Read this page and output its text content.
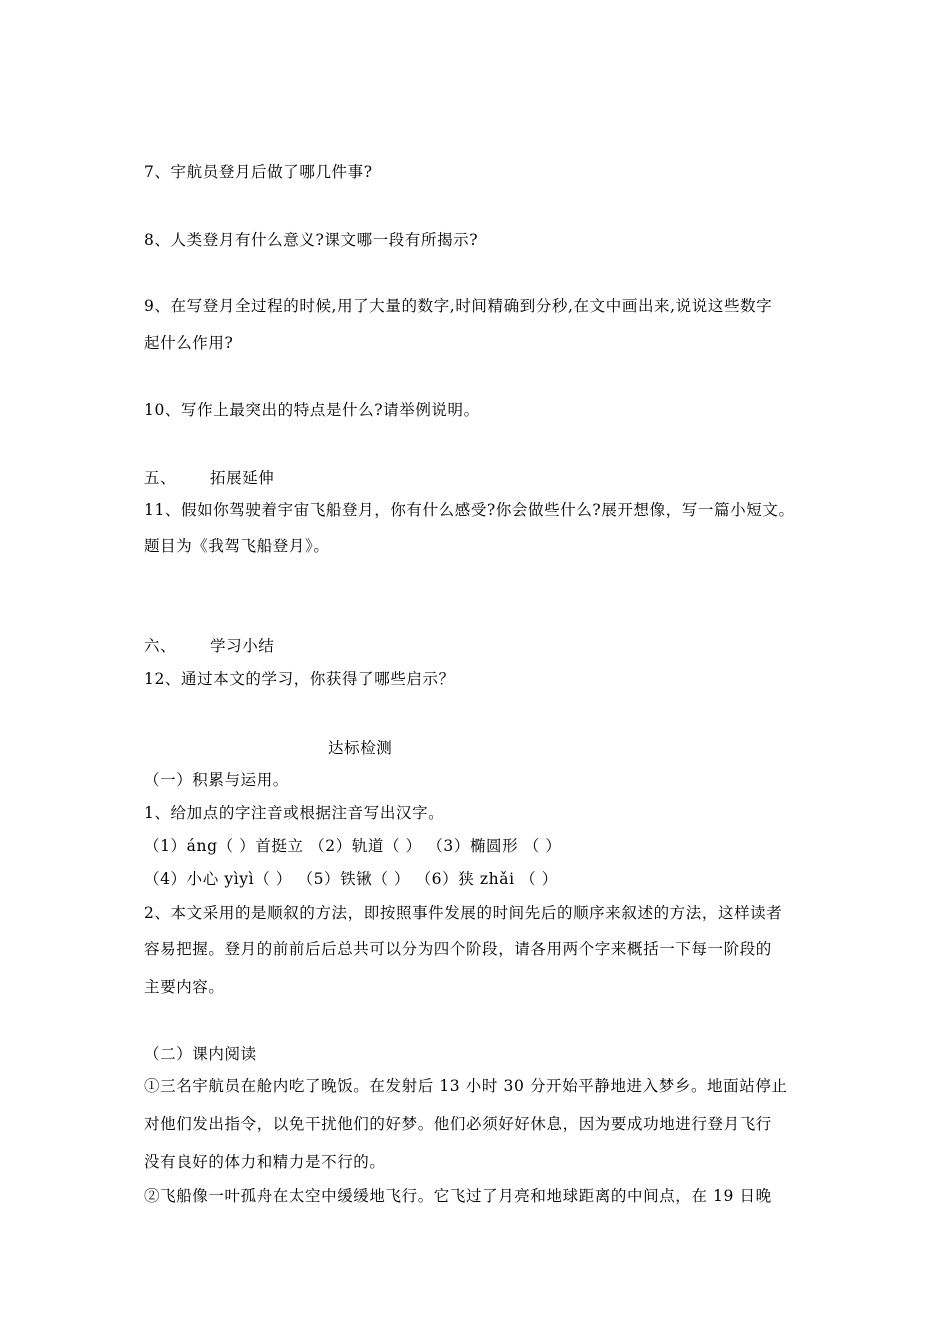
7、宇航员登月后做了哪几件事?
8、人类登月有什么意义?课文哪一段有所揭示?
9、在写登月全过程的时候,用了大量的数字,时间精确到分秒,在文中画出来,说说这些数字
起什么作用?
10、写作上最突出的特点是什么?请举例说明。
五、 拓展延伸
11、假如你驾驶着宇宙飞船登月，你有什么感受?你会做些什么?展开想像，写一篇小短文。
题目为《我驾飞船登月》。
六、 学习小结
12、通过本文的学习，你获得了哪些启示？
达标检测
（一）积累与运用。
1、给加点的字注音或根据注音写出汉字。
（1）áng（ ）首挺立 （2）轨道（ ） （3）椭圆形 （ ）
（4）小心 yìyì（ ） （5）铁锹（ ） （6）狭 zhǎi （ ）
2、本文采用的是顺叙的方法，即按照事件发展的时间先后的顺序来叙述的方法，这样读者
容易把握。登月的前前后后总共可以分为四个阶段，请各用两个字来概括一下每一阶段的
主要内容。
（二）课内阅读
①三名宇航员在舱内吃了晚饭。在发射后 13 小时 30 分开始平静地进入梦乡。地面站停止
对他们发出指令，以免干扰他们的好梦。他们必须好好休息，因为要成功地进行登月飞行
没有良好的体力和精力是不行的。
②飞船像一叶孤舟在太空中缓缓地飞行。它飞过了月亮和地球距离的中间点，在 19 日晚
